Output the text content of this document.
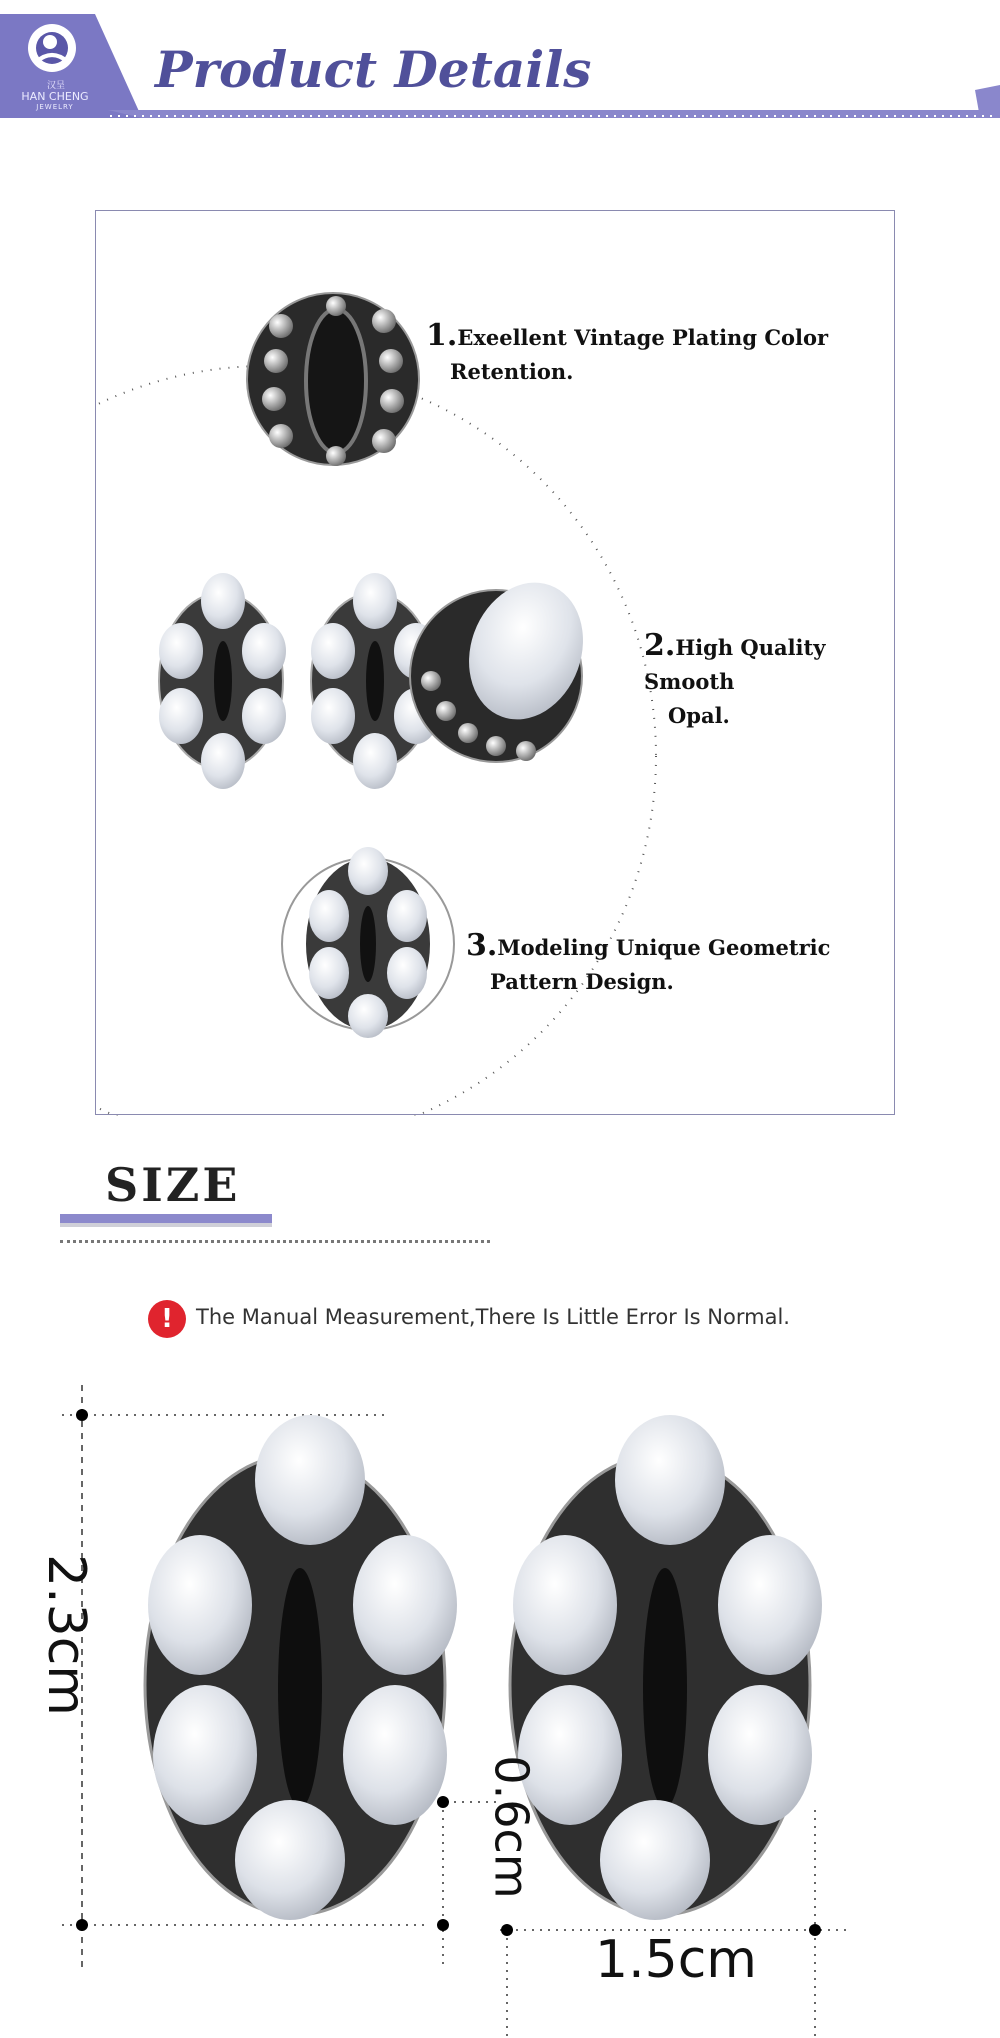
汉呈
HAN CHENG
JEWELRY
Product Details
1.Exeellent Vintage Plating Color
Retention.
2.High Quality Smooth
Opal.
3.Modeling Unique Geometric
Pattern Design.
SIZE
!	The Manual Measurement,There Is Little Error Is Normal.
2.3cm
0.6cm
1.5cm
